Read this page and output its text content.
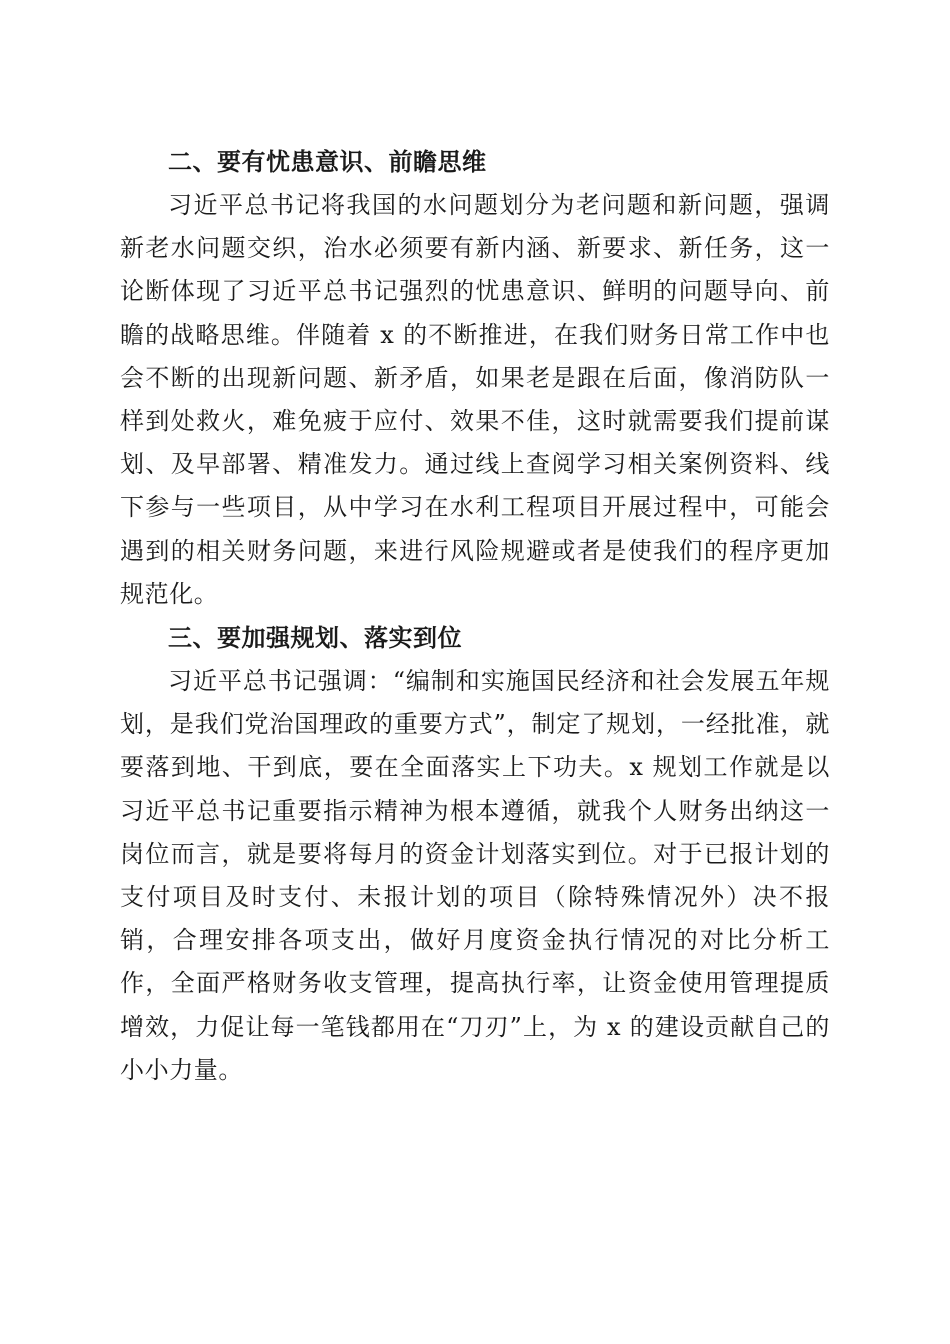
二、要有忧患意识、前瞻思维

习近平总书记将我国的水问题划分为老问题和新问题，强调新老水问题交织，治水必须要有新内涵、新要求、新任务，这一论断体现了习近平总书记强烈的忧患意识、鲜明的问题导向、前瞻的战略思维。伴随着 x 的不断推进，在我们财务日常工作中也会不断的出现新问题、新矛盾，如果老是跟在后面，像消防队一样到处救火，难免疲于应付、效果不佳，这时就需要我们提前谋划、及早部署、精准发力。通过线上查阅学习相关案例资料、线下参与一些项目，从中学习在水利工程项目开展过程中，可能会遇到的相关财务问题，来进行风险规避或者是使我们的程序更加规范化。

三、要加强规划、落实到位

习近平总书记强调：“编制和实施国民经济和社会发展五年规划，是我们党治国理政的重要方式”，制定了规划，一经批准，就要落到地、干到底，要在全面落实上下功夫。x 规划工作就是以习近平总书记重要指示精神为根本遵循，就我个人财务出纳这一岗位而言，就是要将每月的资金计划落实到位。对于已报计划的支付项目及时支付、未报计划的项目（除特殊情况外）决不报销，合理安排各项支出，做好月度资金执行情况的对比分析工作，全面严格财务收支管理，提高执行率，让资金使用管理提质增效，力促让每一笔钱都用在“刀刃”上，为 x 的建设贡献自己的小小力量。
